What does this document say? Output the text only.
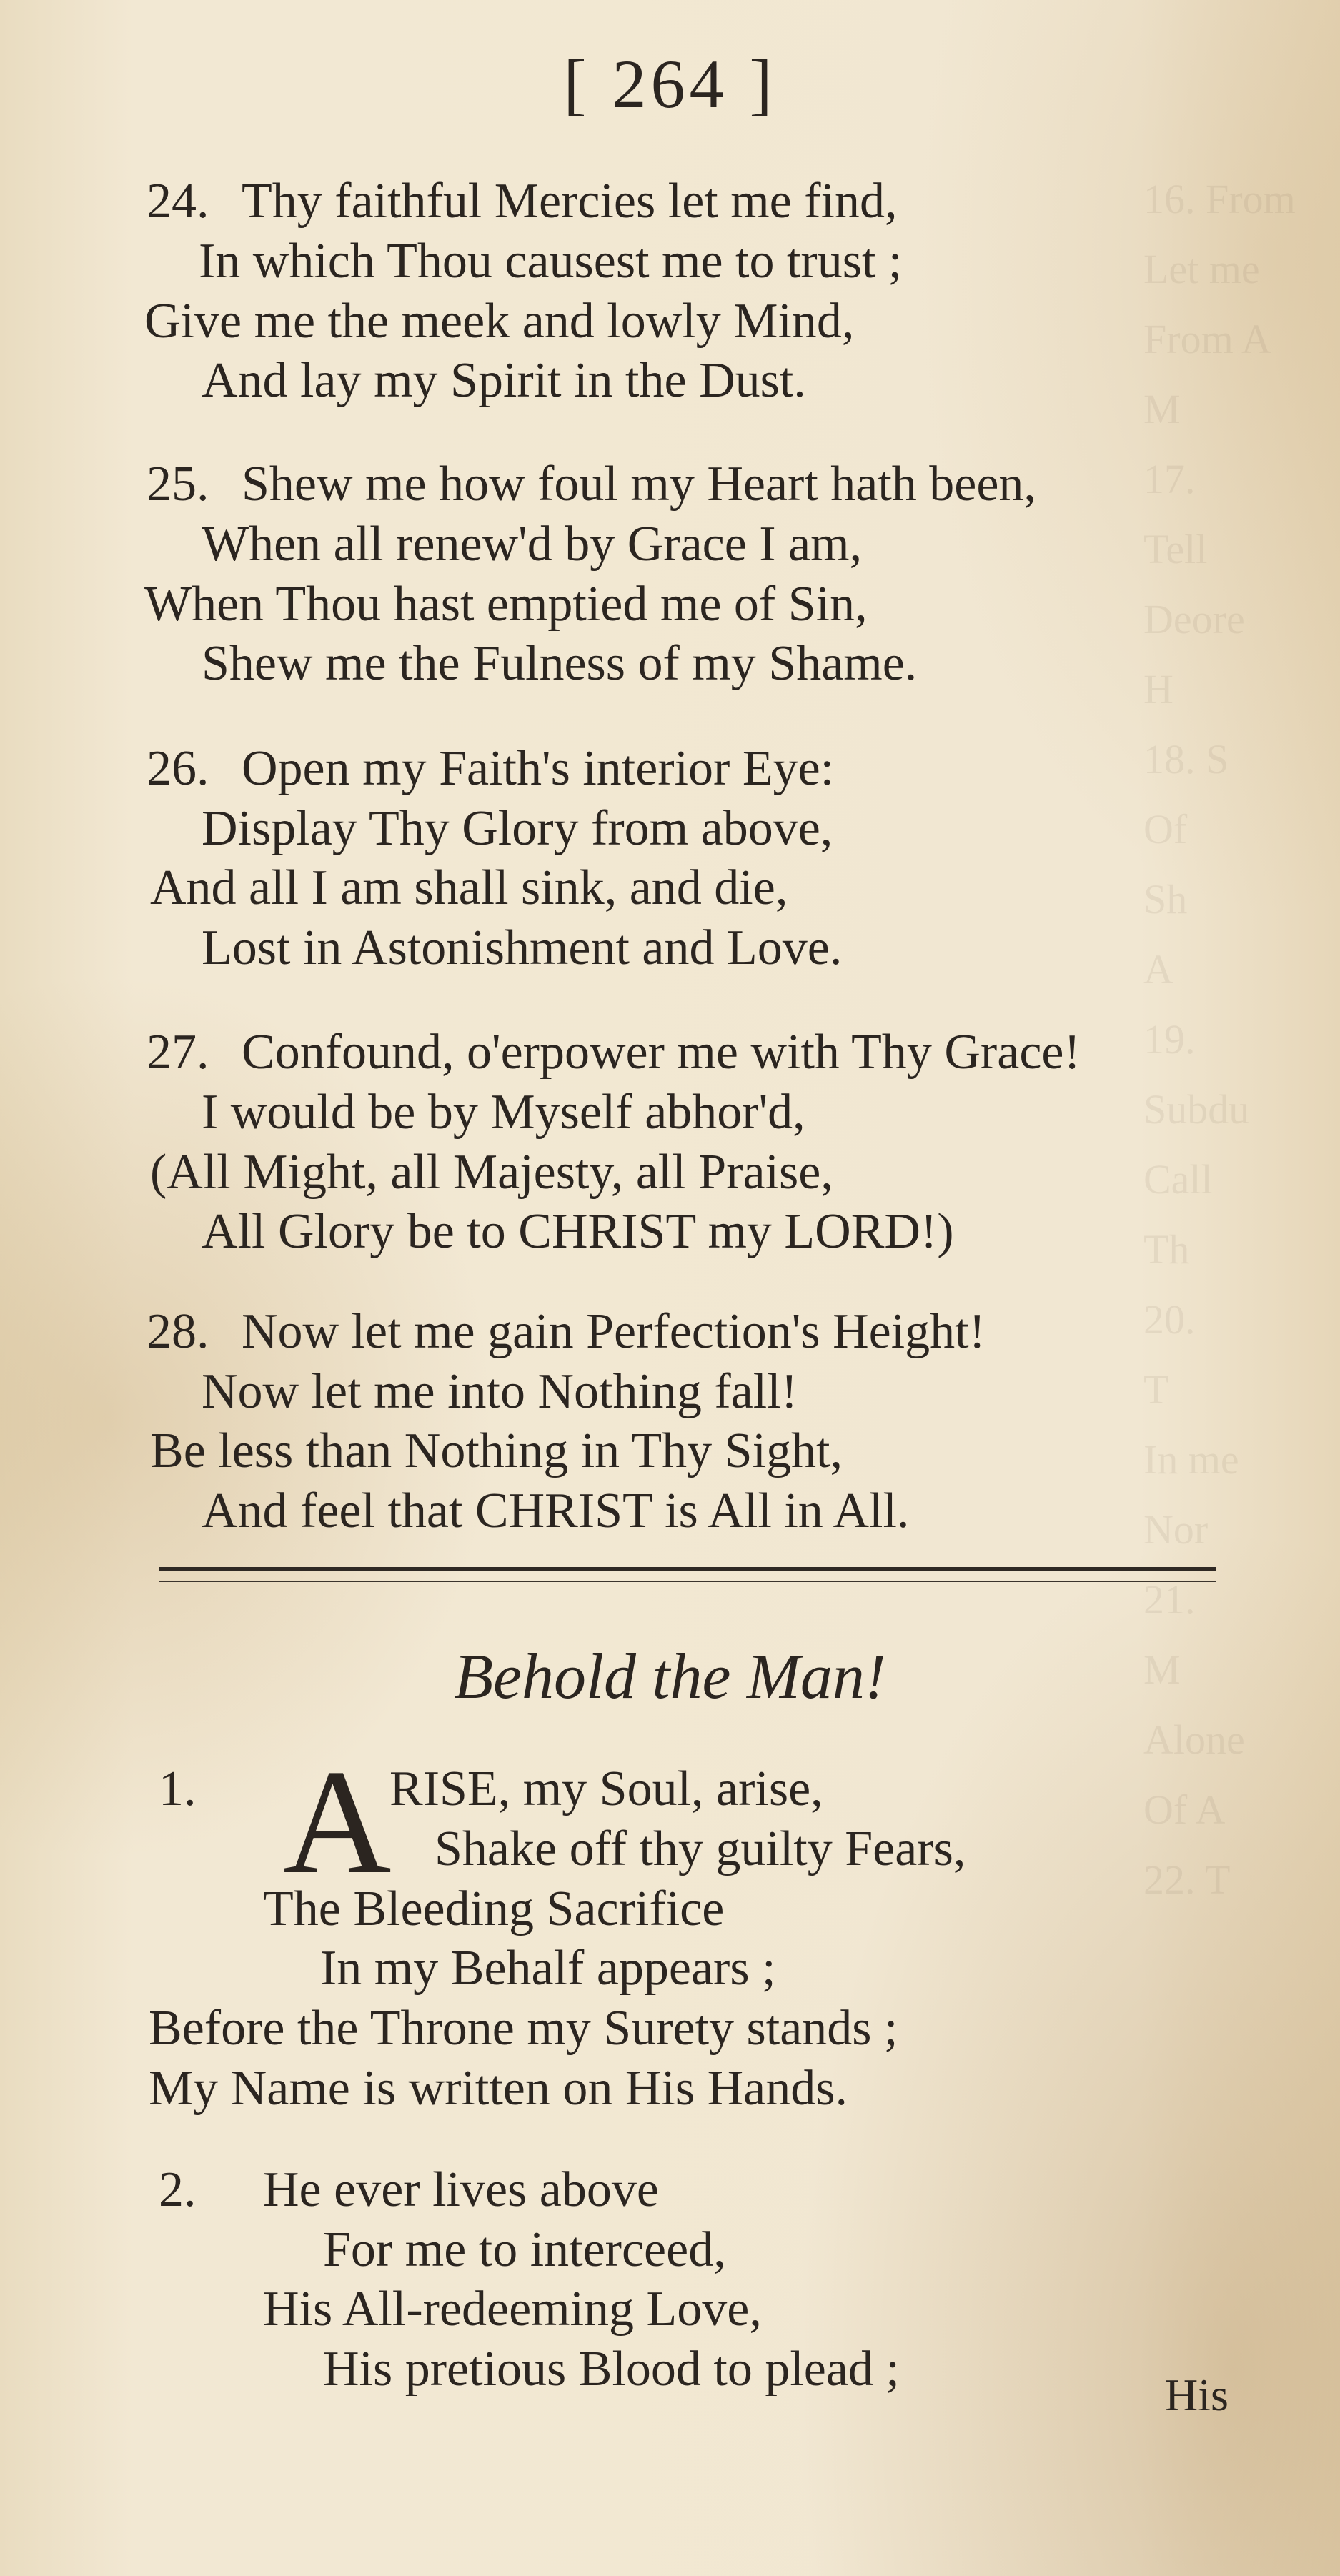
16. From
Let me
From A
M
17.
Tell
Deore
H
18. S
Of
Sh
A
19.
Subdu
Call
Th
20.
T
In me
Nor
21.
M
Alone
Of A
22. T
[ 264 ]
24. Thy faithful Mercies let me find,
In which Thou causest me to trust ;
Give me the meek and lowly Mind,
And lay my Spirit in the Dust.
25. Shew me how foul my Heart hath been,
When all renew'd by Grace I am,
When Thou hast emptied me of Sin,
Shew me the Fulness of my Shame.
26. Open my Faith's interior Eye:
Display Thy Glory from above,
And all I am shall sink, and die,
Lost in Astonishment and Love.
27. Confound, o'erpower me with Thy Grace!
I would be by Myself abhor'd,
(All Might, all Majesty, all Praise,
All Glory be to CHRIST my LORD!)
28. Now let me gain Perfection's Height!
Now let me into Nothing fall!
Be less than Nothing in Thy Sight,
And feel that CHRIST is All in All.
Behold the Man!
1. A
RISE, my Soul, arise,
Shake off thy guilty Fears,
The Bleeding Sacrifice
In my Behalf appears ;
Before the Throne my Surety stands ;
My Name is written on His Hands.
2. He ever lives above
For me to interceed,
His All-redeeming Love,
His pretious Blood to plead ;	His
